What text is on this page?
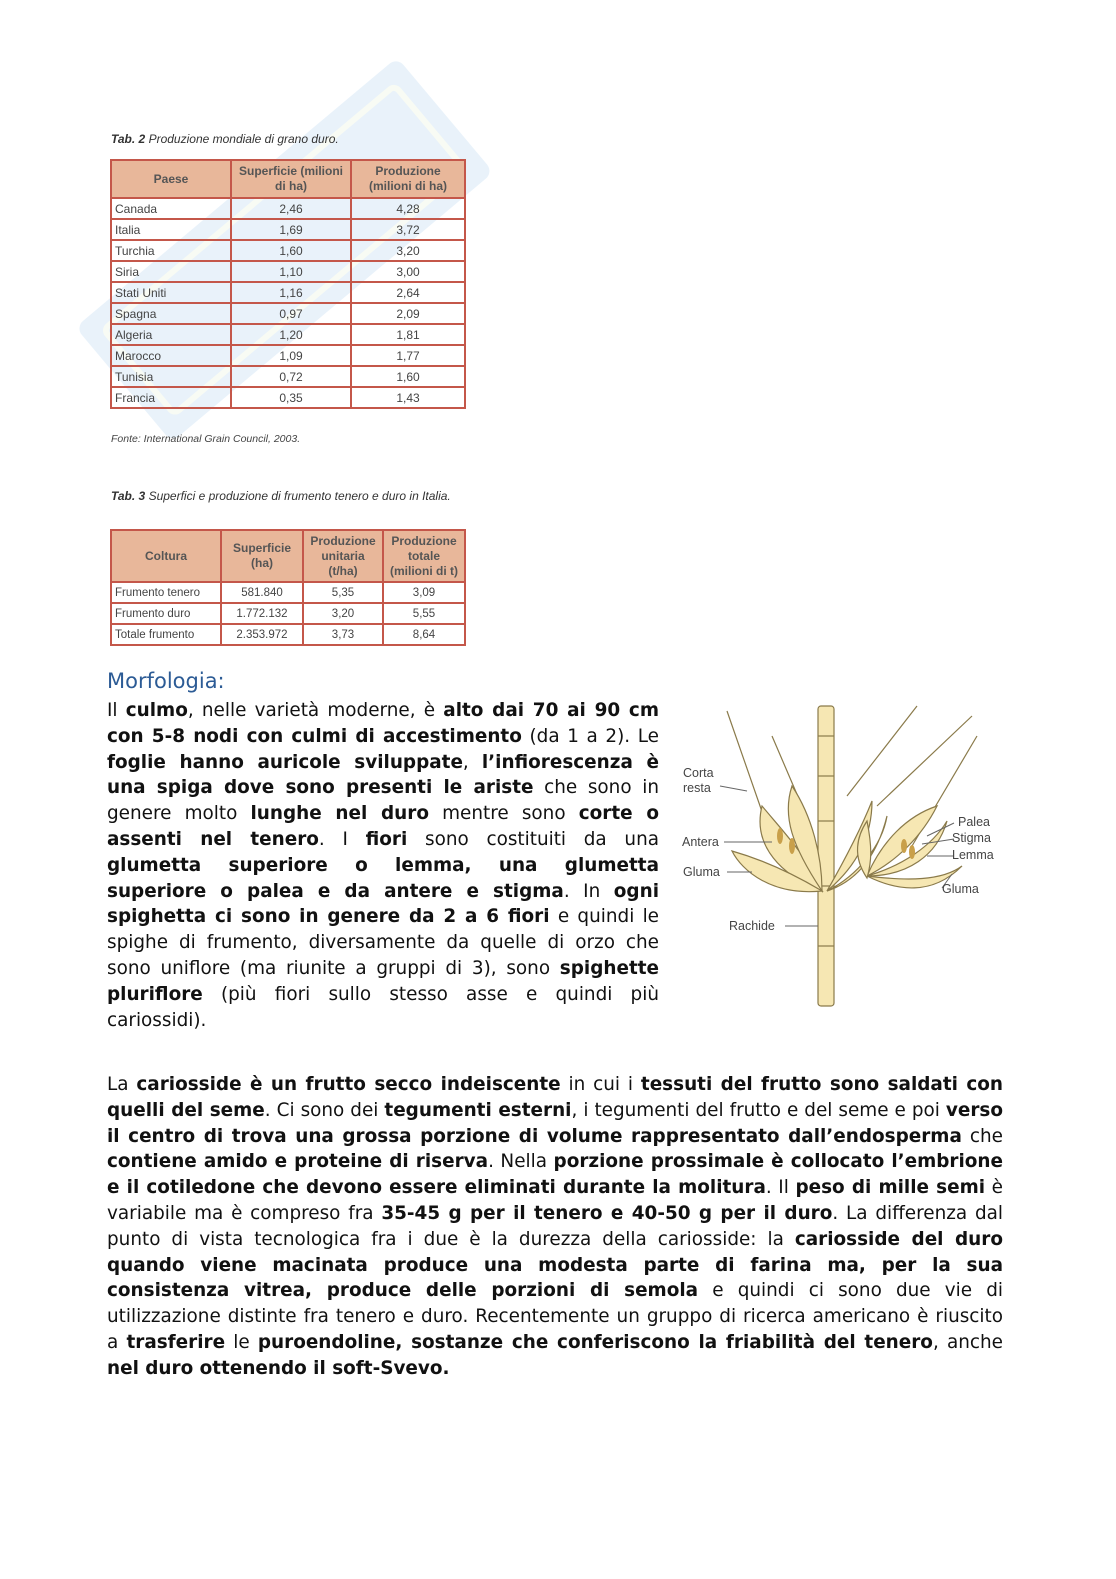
Tab. 2 Produzione mondiale di grano duro.
Paese	Superficie (milioni di ha)	Produzione (milioni di ha)
Canada	2,46	4,28
Italia	1,69	3,72
Turchia	1,60	3,20
Siria	1,10	3,00
Stati Uniti	1,16	2,64
Spagna	0,97	2,09
Algeria	1,20	1,81
Marocco	1,09	1,77
Tunisia	0,72	1,60
Francia	0,35	1,43
Fonte: International Grain Council, 2003.
Tab. 3 Superfici e produzione di frumento tenero e duro in Italia.
Coltura	Superficie (ha)	Produzione unitaria (t/ha)	Produzione totale (milioni di t)
Frumento tenero	581.840	5,35	3,09
Frumento duro	1.772.132	3,20	5,55
Totale frumento	2.353.972	3,73	8,64
Morfologia:

Il culmo, nelle varietà moderne, è alto dai 70 ai 90 cm con 5-8 nodi con culmi di accestimento (da 1 a 2). Le foglie hanno auricole sviluppate, l’infiorescenza è una spiga dove sono presenti le ariste che sono in genere molto lunghe nel duro mentre sono corte o assenti nel tenero. I fiori sono costituiti da una glumetta superiore o lemma, una glumetta superiore o palea e da antere e stigma. In ogni spighetta ci sono in genere da 2 a 6 fiori e quindi le spighe di frumento, diversamente da quelle di orzo che sono uniflore (ma riunite a gruppi di 3), sono spighette pluriflore (più fiori sullo stesso asse e quindi più cariossidi).

Corta
resta
Antera
Gluma
Rachide
Palea
Stigma
Lemma
Gluma

La cariosside è un frutto secco indeiscente in cui i tessuti del frutto sono saldati con quelli del seme. Ci sono dei tegumenti esterni, i tegumenti del frutto e del seme e poi verso il centro di trova una grossa porzione di volume rappresentato dall’endosperma che contiene amido e proteine di riserva. Nella porzione prossimale è collocato l’embrione e il cotiledone che devono essere eliminati durante la molitura. Il peso di mille semi è variabile ma è compreso fra 35-45 g per il tenero e 40-50 g per il duro. La differenza dal punto di vista tecnologica fra i due è la durezza della cariosside: la cariosside del duro quando viene macinata produce una modesta parte di farina ma, per la sua consistenza vitrea, produce delle porzioni di semola e quindi ci sono due vie di utilizzazione distinte fra tenero e duro. Recentemente un gruppo di ricerca americano è riuscito a trasferire le puroendoline, sostanze che conferiscono la friabilità del tenero, anche nel duro ottenendo il soft-Svevo.
